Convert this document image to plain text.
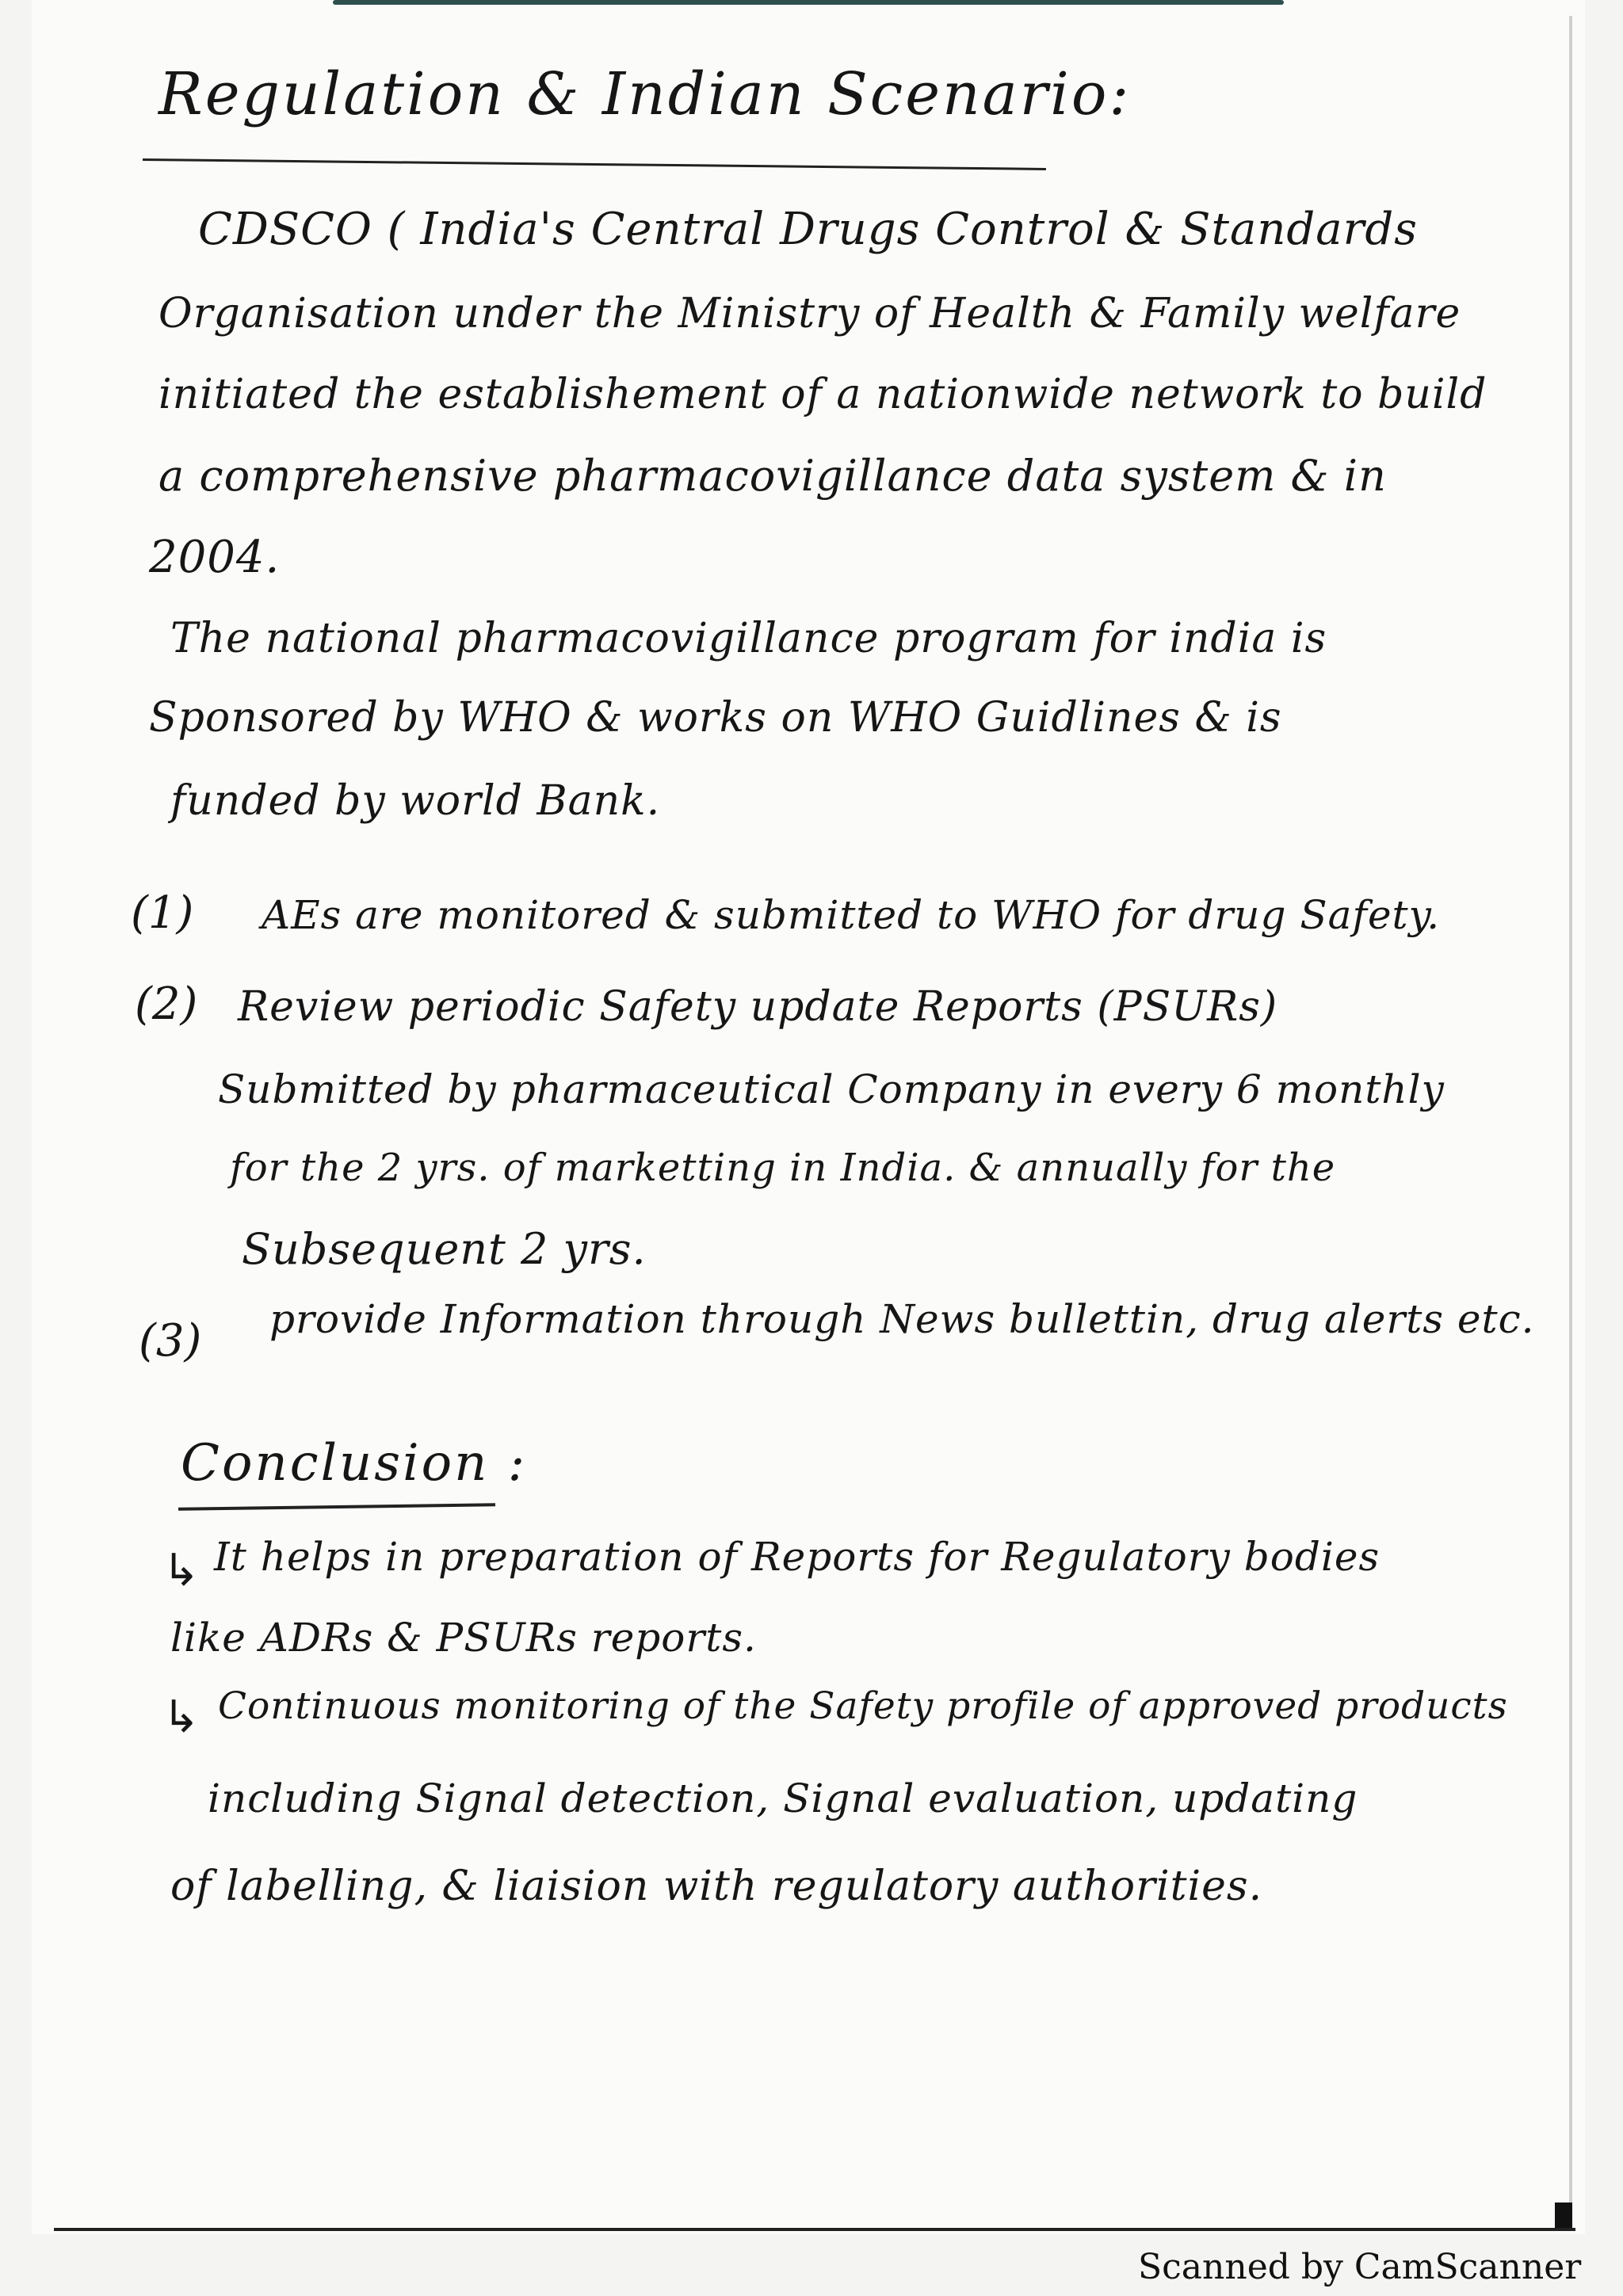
Regulation & Indian Scenario:

CDSCO ( India's Central Drugs Control & Standards

Organisation under the Ministry of Health & Family welfare

initiated the establishement of a nationwide network to build

a comprehensive pharmacovigillance data system & in

2004.

The national pharmacovigillance program for india is

Sponsored by WHO & works on WHO Guidlines & is

funded by world Bank.

(1) AEs are monitored & submitted to WHO for drug Safety.

(2) Review periodic Safety update Reports (PSURs)

Submitted by pharmaceutical Company in every 6 monthly

for the 2 yrs. of marketting in India. & annually for the

Subsequent 2 yrs.

(3) provide Information through News bullettin, drug alerts etc.

Conclusion :

↳ It helps in preparation of Reports for Regulatory bodies

like ADRs & PSURs reports.

↳ Continuous monitoring of the Safety profile of approved products

including Signal detection, Signal evaluation, updating

of labelling, & liaision with regulatory authorities.

Scanned by CamScanner
